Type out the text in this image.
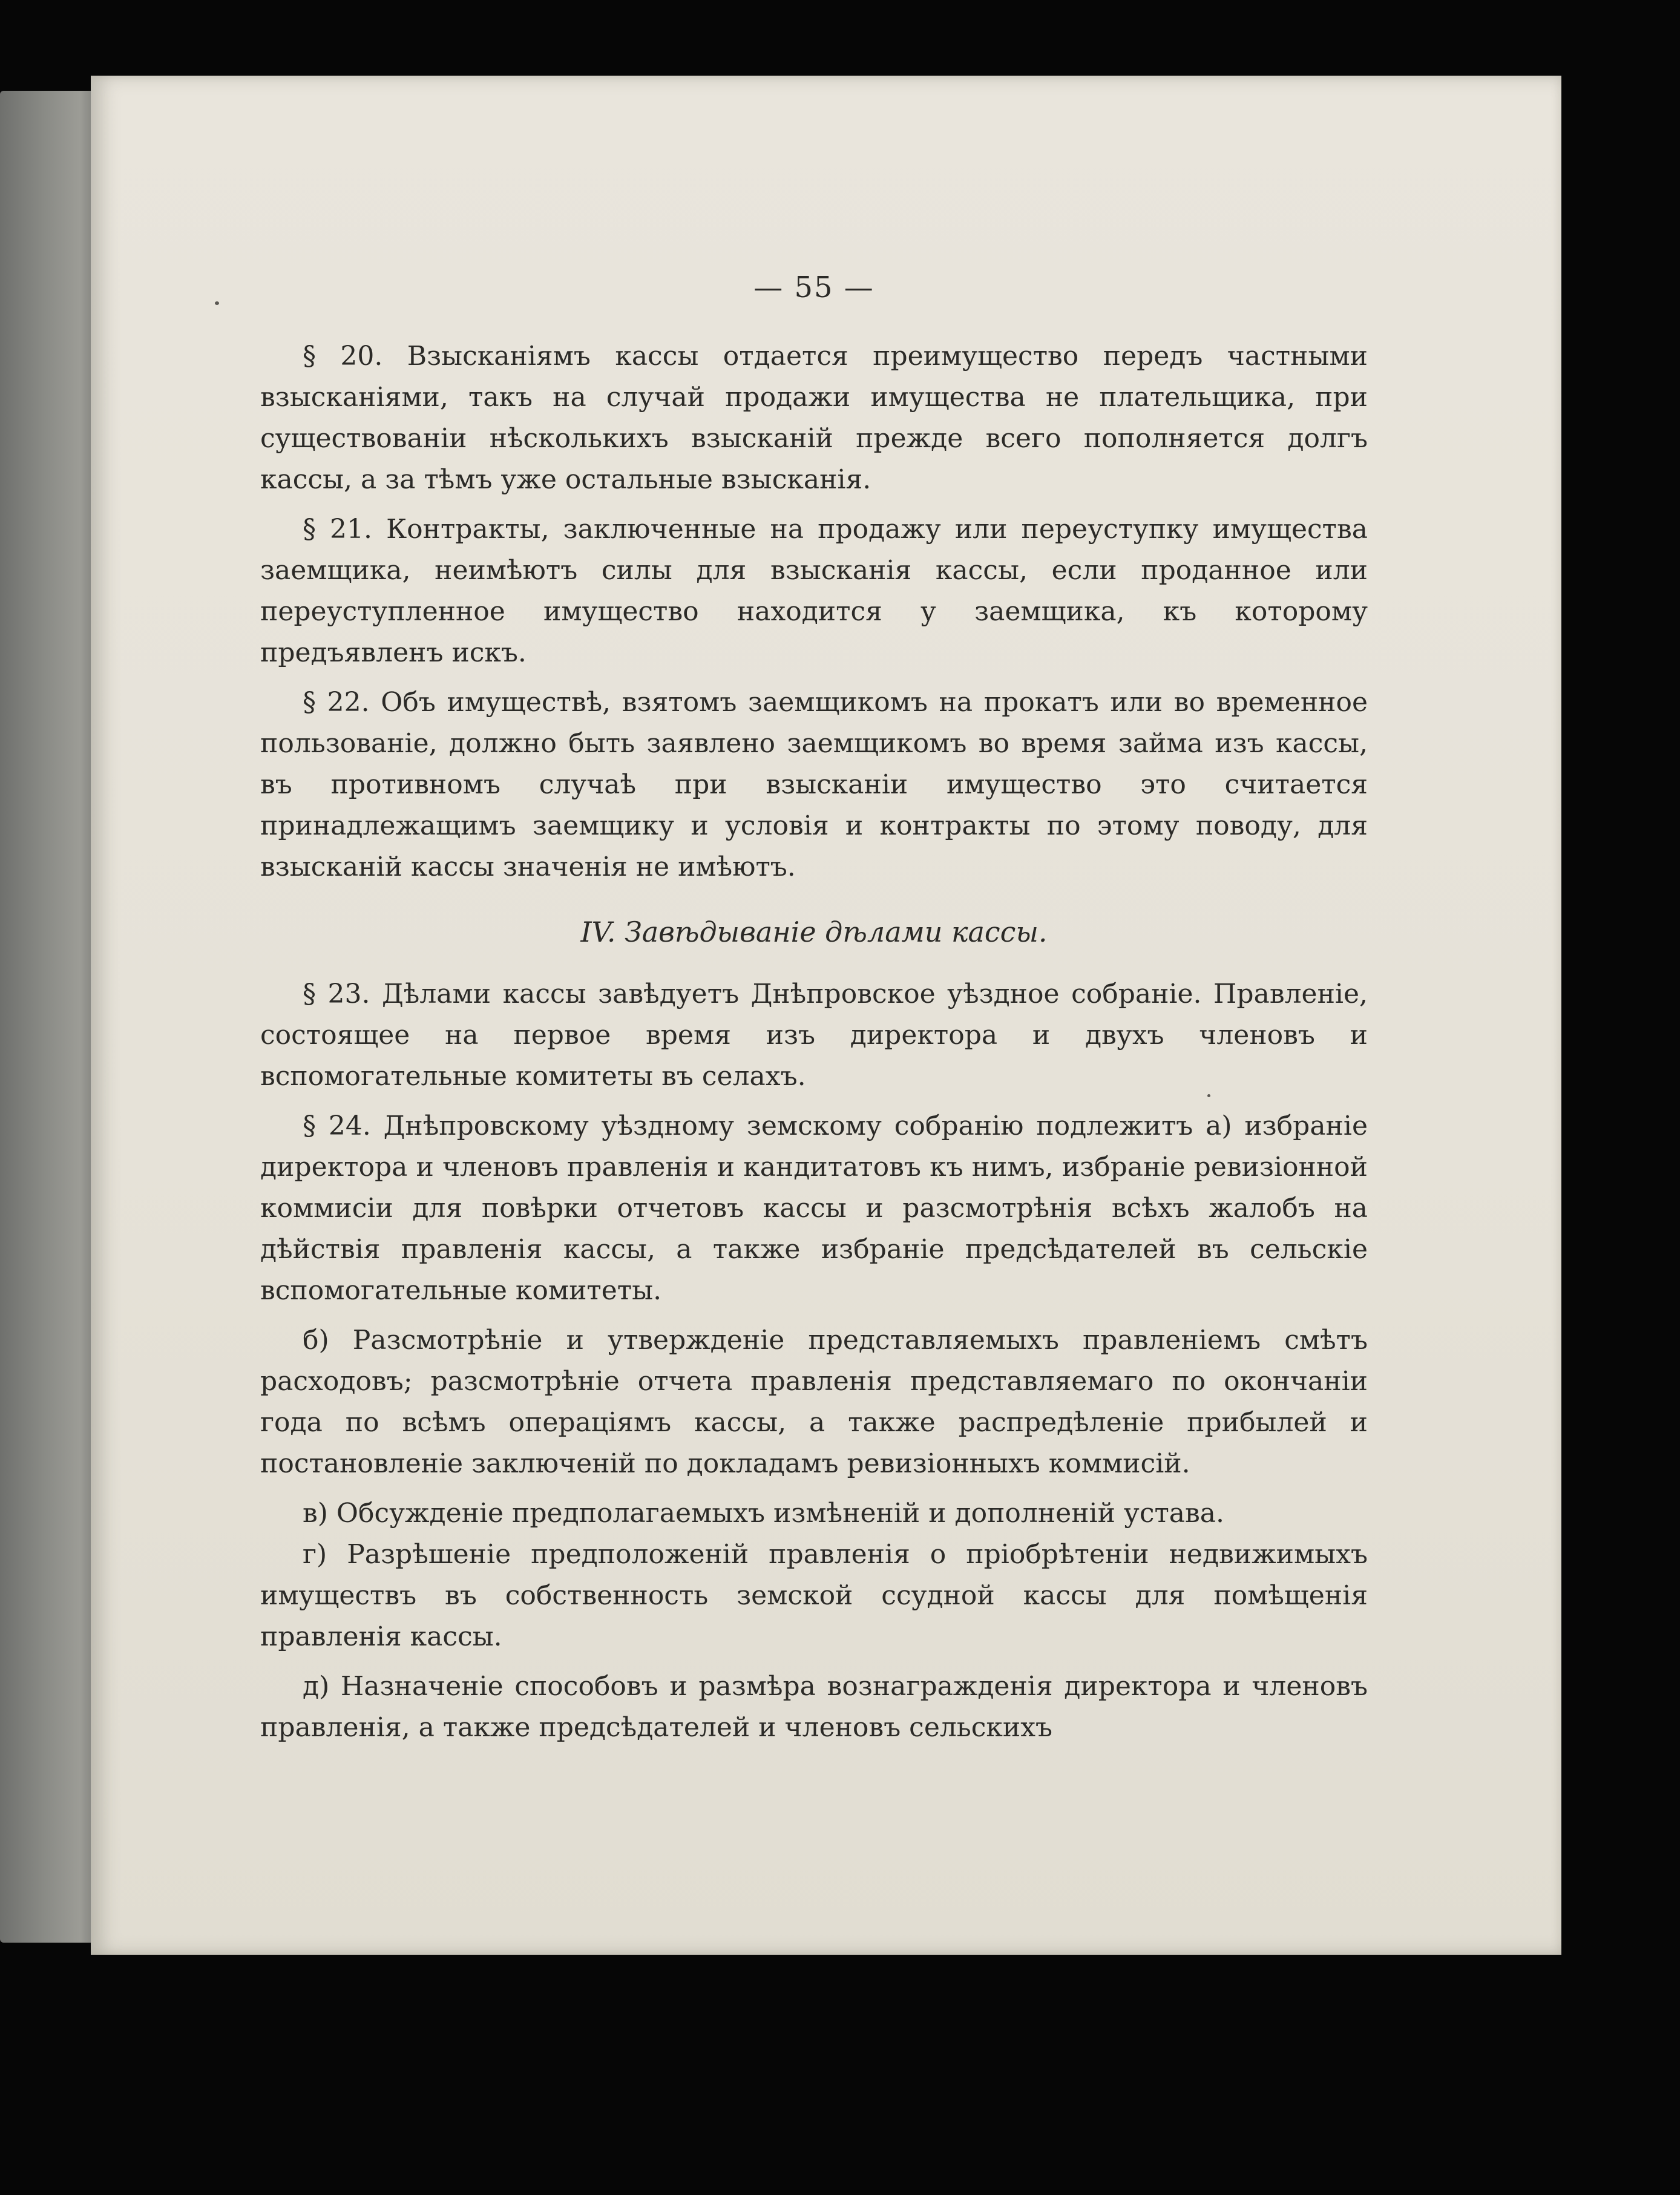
— 55 —

§ 20. Взысканіямъ кассы отдается преимущество передъ частными взысканіями, такъ на случай продажи имущества не плательщика, при существованіи нѣсколькихъ взысканій прежде всего пополняется долгъ кассы, а за тѣмъ уже остальные взысканія.

§ 21. Контракты, заключенные на продажу или переуступку имущества заемщика, неимѣютъ силы для взысканія кассы, если проданное или переуступленное имущество находится у заемщика, къ которому предъявленъ искъ.

§ 22. Объ имуществѣ, взятомъ заемщикомъ на прокатъ или во временное пользованіе, должно быть заявлено заемщикомъ во время займа изъ кассы, въ противномъ случаѣ при взысканіи имущество это считается принадлежащимъ заемщику и условія и контракты по этому поводу, для взысканій кассы значенія не имѣютъ.

IV. Завѣдываніе дѣлами кассы.

§ 23. Дѣлами кассы завѣдуетъ Днѣпровское уѣздное собраніе. Правленіе, состоящее на первое время изъ директора и двухъ членовъ и вспомогательные комитеты въ селахъ.

§ 24. Днѣпровскому уѣздному земскому собранію подлежитъ а) избраніе директора и членовъ правленія и кандитатовъ къ нимъ, избраніе ревизіонной коммисіи для повѣрки отчетовъ кассы и разсмотрѣнія всѣхъ жалобъ на дѣйствія правленія кассы, а также избраніе предсѣдателей въ сельскіе вспомогательные комитеты.

б) Разсмотрѣніе и утвержденіе представляемыхъ правленіемъ смѣтъ расходовъ; разсмотрѣніе отчета правленія представляемаго по окончаніи года по всѣмъ операціямъ кассы, а также распредѣленіе прибылей и постановленіе заключеній по докладамъ ревизіонныхъ коммисій.

в) Обсужденіе предполагаемыхъ измѣненій и дополненій устава.

г) Разрѣшеніе предположеній правленія о пріобрѣтеніи недвижимыхъ имуществъ въ собственность земской ссудной кассы для помѣщенія правленія кассы.

д) Назначеніе способовъ и размѣра вознагражденія директора и членовъ правленія, а также предсѣдателей и членовъ сельскихъ
